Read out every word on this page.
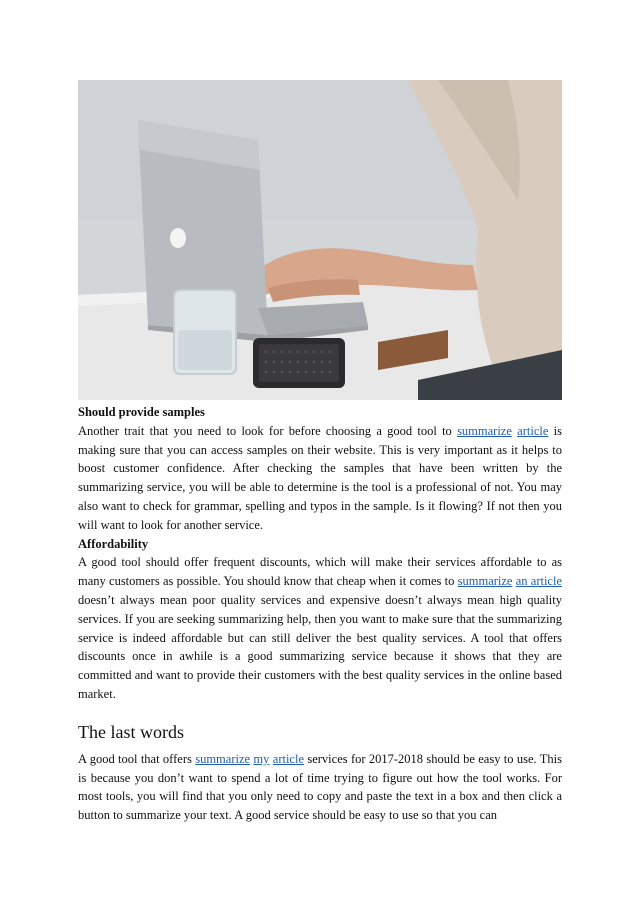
Should provide samples
Another trait that you need to look for before choosing a good tool to summarize article is making sure that you can access samples on their website. This is very important as it helps to boost customer confidence. After checking the samples that have been written by the summarizing service, you will be able to determine is the tool is a professional of not. You may also want to check for grammar, spelling and typos in the sample. Is it flowing? If not then you will want to look for another service.
Affordability
A good tool should offer frequent discounts, which will make their services affordable to as many customers as possible. You should know that cheap when it comes to summarize an article doesn’t always mean poor quality services and expensive doesn’t always mean high quality services. If you are seeking summarizing help, then you want to make sure that the summarizing service is indeed affordable but can still deliver the best quality services. A tool that offers discounts once in awhile is a good summarizing service because it shows that they are committed and want to provide their customers with the best quality services in the online based market.

The last words

A good tool that offers summarize my article services for 2017-2018 should be easy to use. This is because you don’t want to spend a lot of time trying to figure out how the tool works. For most tools, you will find that you only need to copy and paste the text in a box and then click a button to summarize your text. A good service should be easy to use so that you can
